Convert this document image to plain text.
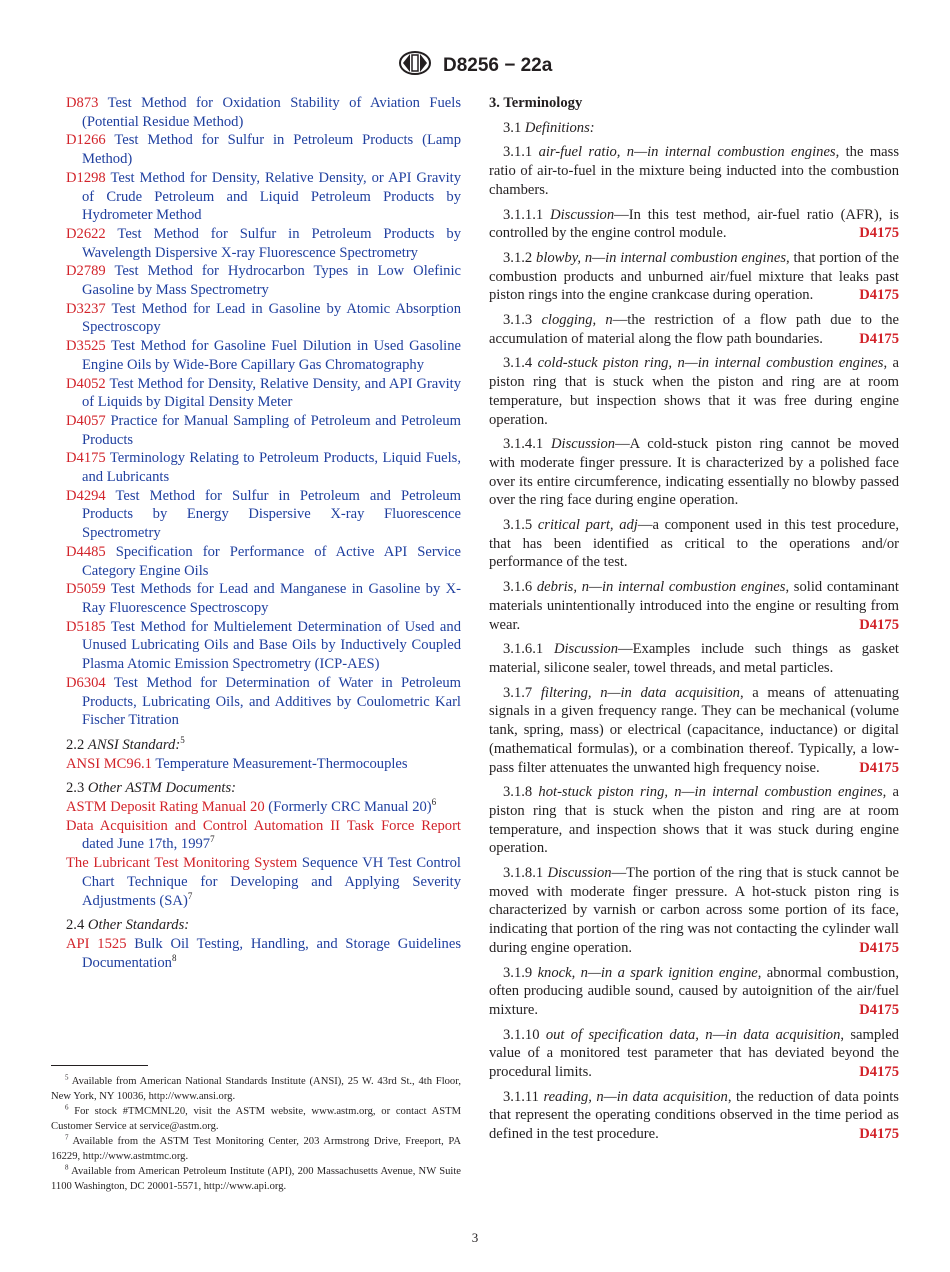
D8256 − 22a

D873 Test Method for Oxidation Stability of Aviation Fuels (Potential Residue Method)

D1266 Test Method for Sulfur in Petroleum Products (Lamp Method)

D1298 Test Method for Density, Relative Density, or API Gravity of Crude Petroleum and Liquid Petroleum Products by Hydrometer Method

D2622 Test Method for Sulfur in Petroleum Products by Wavelength Dispersive X-ray Fluorescence Spectrometry

D2789 Test Method for Hydrocarbon Types in Low Olefinic Gasoline by Mass Spectrometry

D3237 Test Method for Lead in Gasoline by Atomic Absorption Spectroscopy

D3525 Test Method for Gasoline Fuel Dilution in Used Gasoline Engine Oils by Wide-Bore Capillary Gas Chromatography

D4052 Test Method for Density, Relative Density, and API Gravity of Liquids by Digital Density Meter

D4057 Practice for Manual Sampling of Petroleum and Petroleum Products

D4175 Terminology Relating to Petroleum Products, Liquid Fuels, and Lubricants

D4294 Test Method for Sulfur in Petroleum and Petroleum Products by Energy Dispersive X-ray Fluorescence Spectrometry

D4485 Specification for Performance of Active API Service Category Engine Oils

D5059 Test Methods for Lead and Manganese in Gasoline by X-Ray Fluorescence Spectroscopy

D5185 Test Method for Multielement Determination of Used and Unused Lubricating Oils and Base Oils by Inductively Coupled Plasma Atomic Emission Spectrometry (ICP-AES)

D6304 Test Method for Determination of Water in Petroleum Products, Lubricating Oils, and Additives by Coulometric Karl Fischer Titration

2.2 ANSI Standard:$^5$

ANSI MC96.1 Temperature Measurement-Thermocouples

2.3 Other ASTM Documents:

ASTM Deposit Rating Manual 20 (Formerly CRC Manual 20)$^6$

Data Acquisition and Control Automation II Task Force Report dated June 17th, 1997$^7$

The Lubricant Test Monitoring System Sequence VH Test Control Chart Technique for Developing and Applying Severity Adjustments (SA)$^7$

2.4 Other Standards:

API 1525 Bulk Oil Testing, Handling, and Storage Guidelines Documentation$^8$

$^5$ Available from American National Standards Institute (ANSI), 25 W. 43rd St., 4th Floor, New York, NY 10036, http://www.ansi.org.

$^6$ For stock #TMCMNL20, visit the ASTM website, www.astm.org, or contact ASTM Customer Service at service@astm.org.

$^7$ Available from the ASTM Test Monitoring Center, 203 Armstrong Drive, Freeport, PA 16229, http://www.astmtmc.org.

$^8$ Available from American Petroleum Institute (API), 200 Massachusetts Avenue, NW Suite 1100 Washington, DC 20001-5571, http://www.api.org.

3. Terminology

3.1 Definitions:

3.1.1 air-fuel ratio, n—in internal combustion engines, the mass ratio of air-to-fuel in the mixture being inducted into the combustion chambers.

3.1.1.1 Discussion—In this test method, air-fuel ratio (AFR), is controlled by the engine control module.	D4175

3.1.2 blowby, n—in internal combustion engines, that portion of the combustion products and unburned air/fuel mixture that leaks past piston rings into the engine crankcase during operation.	D4175

3.1.3 clogging, n—the restriction of a flow path due to the accumulation of material along the flow path boundaries. D4175

3.1.4 cold-stuck piston ring, n—in internal combustion engines, a piston ring that is stuck when the piston and ring are at room temperature, but inspection shows that it was free during engine operation.

3.1.4.1 Discussion—A cold-stuck piston ring cannot be moved with moderate finger pressure. It is characterized by a polished face over its entire circumference, indicating essentially no blowby passed over the ring face during engine operation.

3.1.5 critical part, adj—a component used in this test procedure, that has been identified as critical to the operations and/or performance of the test.

3.1.6 debris, n—in internal combustion engines, solid contaminant materials unintentionally introduced into the engine or resulting from wear.	D4175

3.1.6.1 Discussion—Examples include such things as gasket material, silicone sealer, towel threads, and metal particles.

3.1.7 filtering, n—in data acquisition, a means of attenuating signals in a given frequency range. They can be mechanical (volume tank, spring, mass) or electrical (capacitance, inductance) or digital (mathematical formulas), or a combination thereof. Typically, a low-pass filter attenuates the unwanted high frequency noise.	D4175

3.1.8 hot-stuck piston ring, n—in internal combustion engines, a piston ring that is stuck when the piston and ring are at room temperature, and inspection shows that it was stuck during engine operation.

3.1.8.1 Discussion—The portion of the ring that is stuck cannot be moved with moderate finger pressure. A hot-stuck piston ring is characterized by varnish or carbon across some portion of its face, indicating that portion of the ring was not contacting the cylinder wall during engine operation.	D4175

3.1.9 knock, n—in a spark ignition engine, abnormal combustion, often producing audible sound, caused by autoignition of the air/fuel mixture.	D4175

3.1.10 out of specification data, n—in data acquisition, sampled value of a monitored test parameter that has deviated beyond the procedural limits.	D4175

3.1.11 reading, n—in data acquisition, the reduction of data points that represent the operating conditions observed in the time period as defined in the test procedure.	D4175

3
